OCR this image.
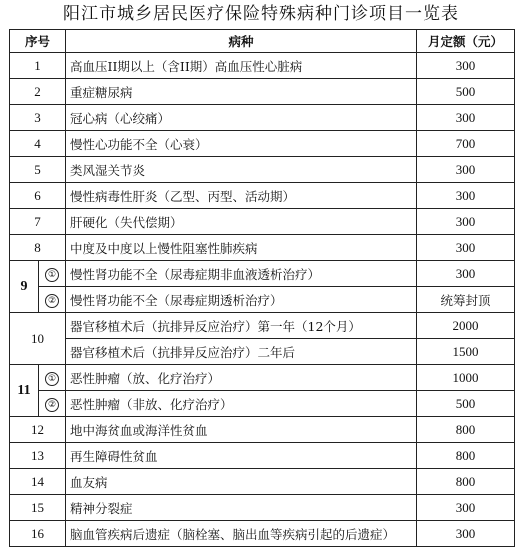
阳江市城乡居民医疗保险特殊病种门诊项目一览表
序号		病种	月定额（元）
1		高血压II期以上（含II期）高血压性心脏病	300
2		重症糖尿病	500
3		冠心病（心绞痛）	300
4		慢性心功能不全（心衰）	700
5		类风湿关节炎	300
6		慢性病毒性肝炎（乙型、丙型、活动期）	300
7		肝硬化（失代偿期）	300
8		中度及中度以上慢性阻塞性肺疾病	300
9	①	慢性肾功能不全（尿毒症期非血液透析治疗）	300
	②	慢性肾功能不全（尿毒症期透析治疗）	统筹封顶
10		器官移植术后（抗排异反应治疗）第一年（12个月）	2000
		器官移植术后（抗排异反应治疗）二年后	1500
11	①	恶性肿瘤（放、化疗治疗）	1000
	②	恶性肿瘤（非放、化疗治疗）	500
12		地中海贫血或海洋性贫血	800
13		再生障碍性贫血	800
14		血友病	800
15		精神分裂症	300
16		脑血管疾病后遗症（脑栓塞、脑出血等疾病引起的后遗症）	300
